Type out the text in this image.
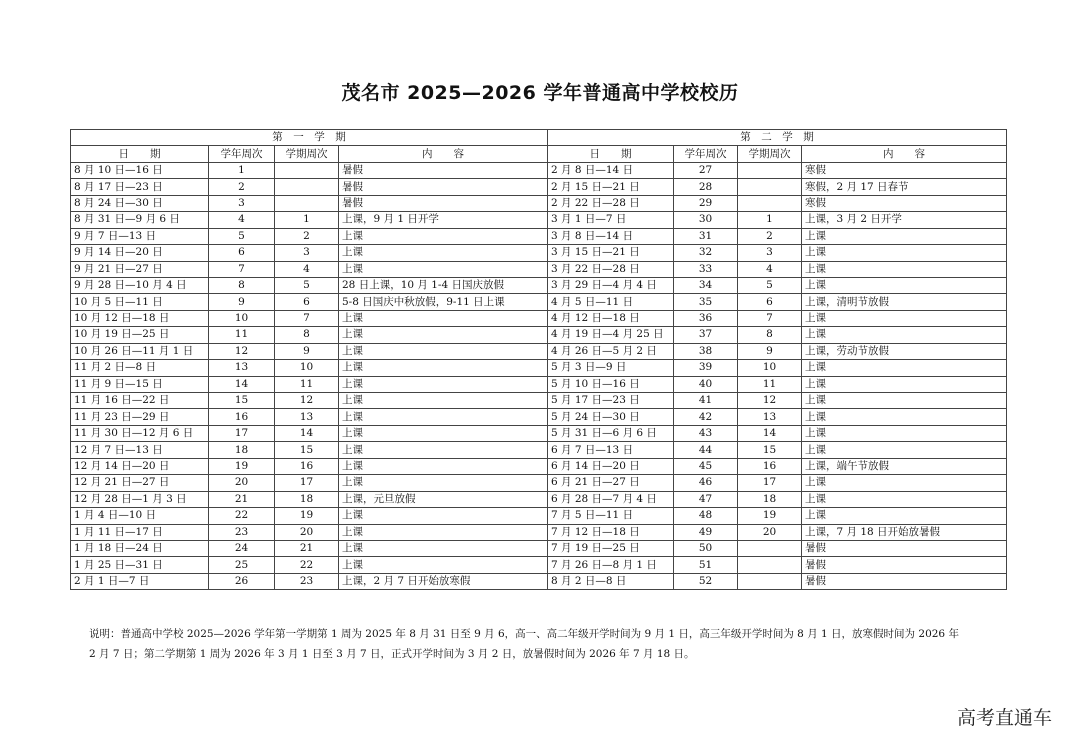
茂名市 2025—2026 学年普通高中学校校历
第　一　学　期				第　二　学　期			
日　　期	学年周次	学期周次	内　　容	日　　期	学年周次	学期周次	内　　容
8 月 10 日—16 日	1		暑假	2 月 8 日—14 日	27		寒假
8 月 17 日—23 日	2		暑假	2 月 15 日—21 日	28		寒假，2 月 17 日春节
8 月 24 日—30 日	3		暑假	2 月 22 日—28 日	29		寒假
8 月 31 日—9 月 6 日	4	1	上课，9 月 1 日开学	3 月 1 日—7 日	30	1	上课，3 月 2 日开学
9 月 7 日—13 日	5	2	上课	3 月 8 日—14 日	31	2	上课
9 月 14 日—20 日	6	3	上课	3 月 15 日—21 日	32	3	上课
9 月 21 日—27 日	7	4	上课	3 月 22 日—28 日	33	4	上课
9 月 28 日—10 月 4 日	8	5	28 日上课，10 月 1-4 日国庆放假	3 月 29 日—4 月 4 日	34	5	上课
10 月 5 日—11 日	9	6	5-8 日国庆中秋放假，9-11 日上课	4 月 5 日—11 日	35	6	上课，清明节放假
10 月 12 日—18 日	10	7	上课	4 月 12 日—18 日	36	7	上课
10 月 19 日—25 日	11	8	上课	4 月 19 日—4 月 25 日	37	8	上课
10 月 26 日—11 月 1 日	12	9	上课	4 月 26 日—5 月 2 日	38	9	上课，劳动节放假
11 月 2 日—8 日	13	10	上课	5 月 3 日—9 日	39	10	上课
11 月 9 日—15 日	14	11	上课	5 月 10 日—16 日	40	11	上课
11 月 16 日—22 日	15	12	上课	5 月 17 日—23 日	41	12	上课
11 月 23 日—29 日	16	13	上课	5 月 24 日—30 日	42	13	上课
11 月 30 日—12 月 6 日	17	14	上课	5 月 31 日—6 月 6 日	43	14	上课
12 月 7 日—13 日	18	15	上课	6 月 7 日—13 日	44	15	上课
12 月 14 日—20 日	19	16	上课	6 月 14 日—20 日	45	16	上课，端午节放假
12 月 21 日—27 日	20	17	上课	6 月 21 日—27 日	46	17	上课
12 月 28 日—1 月 3 日	21	18	上课，元旦放假	6 月 28 日—7 月 4 日	47	18	上课
1 月 4 日—10 日	22	19	上课	7 月 5 日—11 日	48	19	上课
1 月 11 日—17 日	23	20	上课	7 月 12 日—18 日	49	20	上课，7 月 18 日开始放暑假
1 月 18 日—24 日	24	21	上课	7 月 19 日—25 日	50		暑假
1 月 25 日—31 日	25	22	上课	7 月 26 日—8 月 1 日	51		暑假
2 月 1 日—7 日	26	23	上课，2 月 7 日开始放寒假	8 月 2 日—8 日	52		暑假

说明：普通高中学校 2025—2026 学年第一学期第 1 周为 2025 年 8 月 31 日至 9 月 6，高一、高二年级开学时间为 9 月 1 日，高三年级开学时间为 8 月 1 日，放寒假时间为 2026 年

2 月 7 日；第二学期第 1 周为 2026 年 3 月 1 日至 3 月 7 日，正式开学时间为 3 月 2 日，放暑假时间为 2026 年 7 月 18 日。

高考直通车
